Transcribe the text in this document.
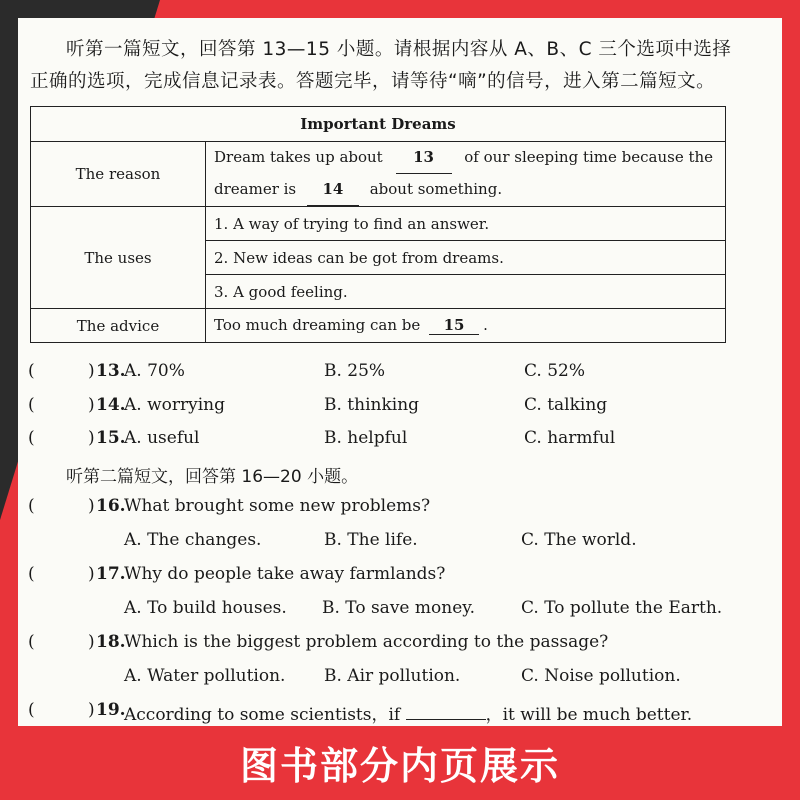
听第一篇短文，回答第 13—15 小题。请根据内容从 A、B、C 三个选项中选择

正确的选项，完成信息记录表。答题完毕，请等待“嘀”的信号，进入第二篇短文。

Important Dreams	
The reason	Dream takes up about 13 of our sleeping time because the
dreamer is 14 about something.
The uses	1. A way of trying to find an answer.
	2. New ideas can be got from dreams.
	3. A good feeling.
The advice	Too much dreaming can be 15 .
(	) 13.
A. 70%	B. 25%	C. 52%
(	) 14.
A. worrying	B. thinking	C. talking
(	) 15.
A. useful	B. helpful	C. harmful
听第二篇短文，回答第 16—20 小题。
(	) 16.
What brought some new problems?
A. The changes.	B. The life.	C. The world.
(	) 17.
Why do people take away farmlands?
A. To build houses. B. To save money.	C. To pollute the Earth.
(	) 18.
Which is the biggest problem according to the passage?
A. Water pollution. B. Air pollution.	C. Noise pollution.
(	) 19.
According to some scientists，if	，it will be much better.
图书部分内页展示
